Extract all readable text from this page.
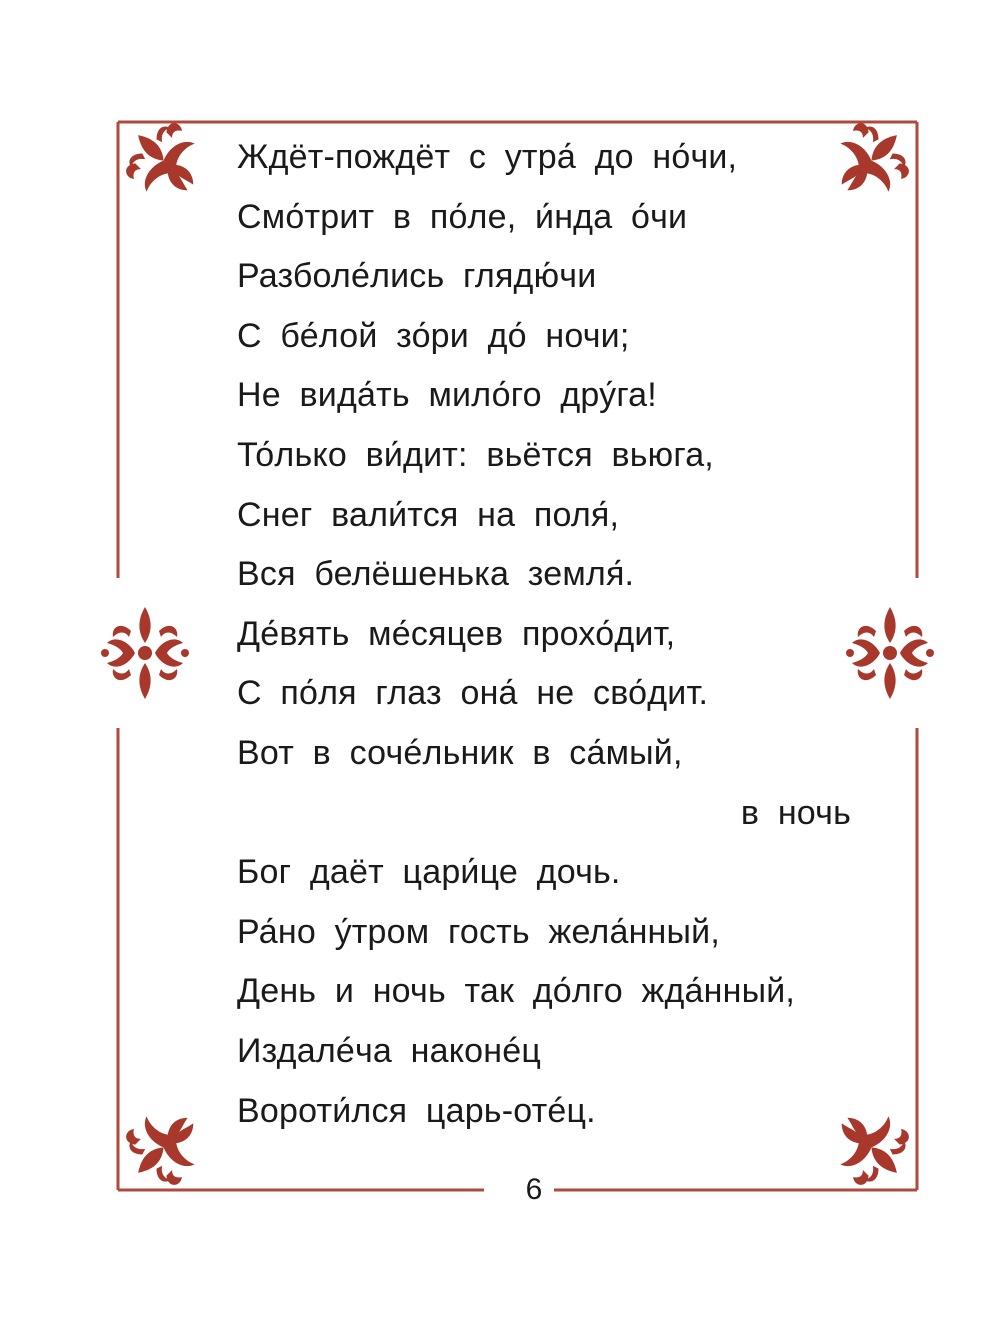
Ждёт-пождёт с утра́ до но́чи,
Смо́трит в по́ле, и́нда о́чи
Разболе́лись глядю́чи
С бе́лой зо́ри до́ ночи;
Не вида́ть мило́го дру́га!
То́лько ви́дит: вьётся вьюга,
Снег вали́тся на поля́,
Вся белёшенька земля́.
Де́вять ме́сяцев прохо́дит,
С по́ля глаз она́ не сво́дит.
Вот в сочéльник в са́мый,
в ночь
Бог даёт цари́це дочь.
Ра́но у́тром гость жела́нный,
День и ночь так до́лго жда́нный,
Издалéча наконéц
Вороти́лся царь-отéц.
6
